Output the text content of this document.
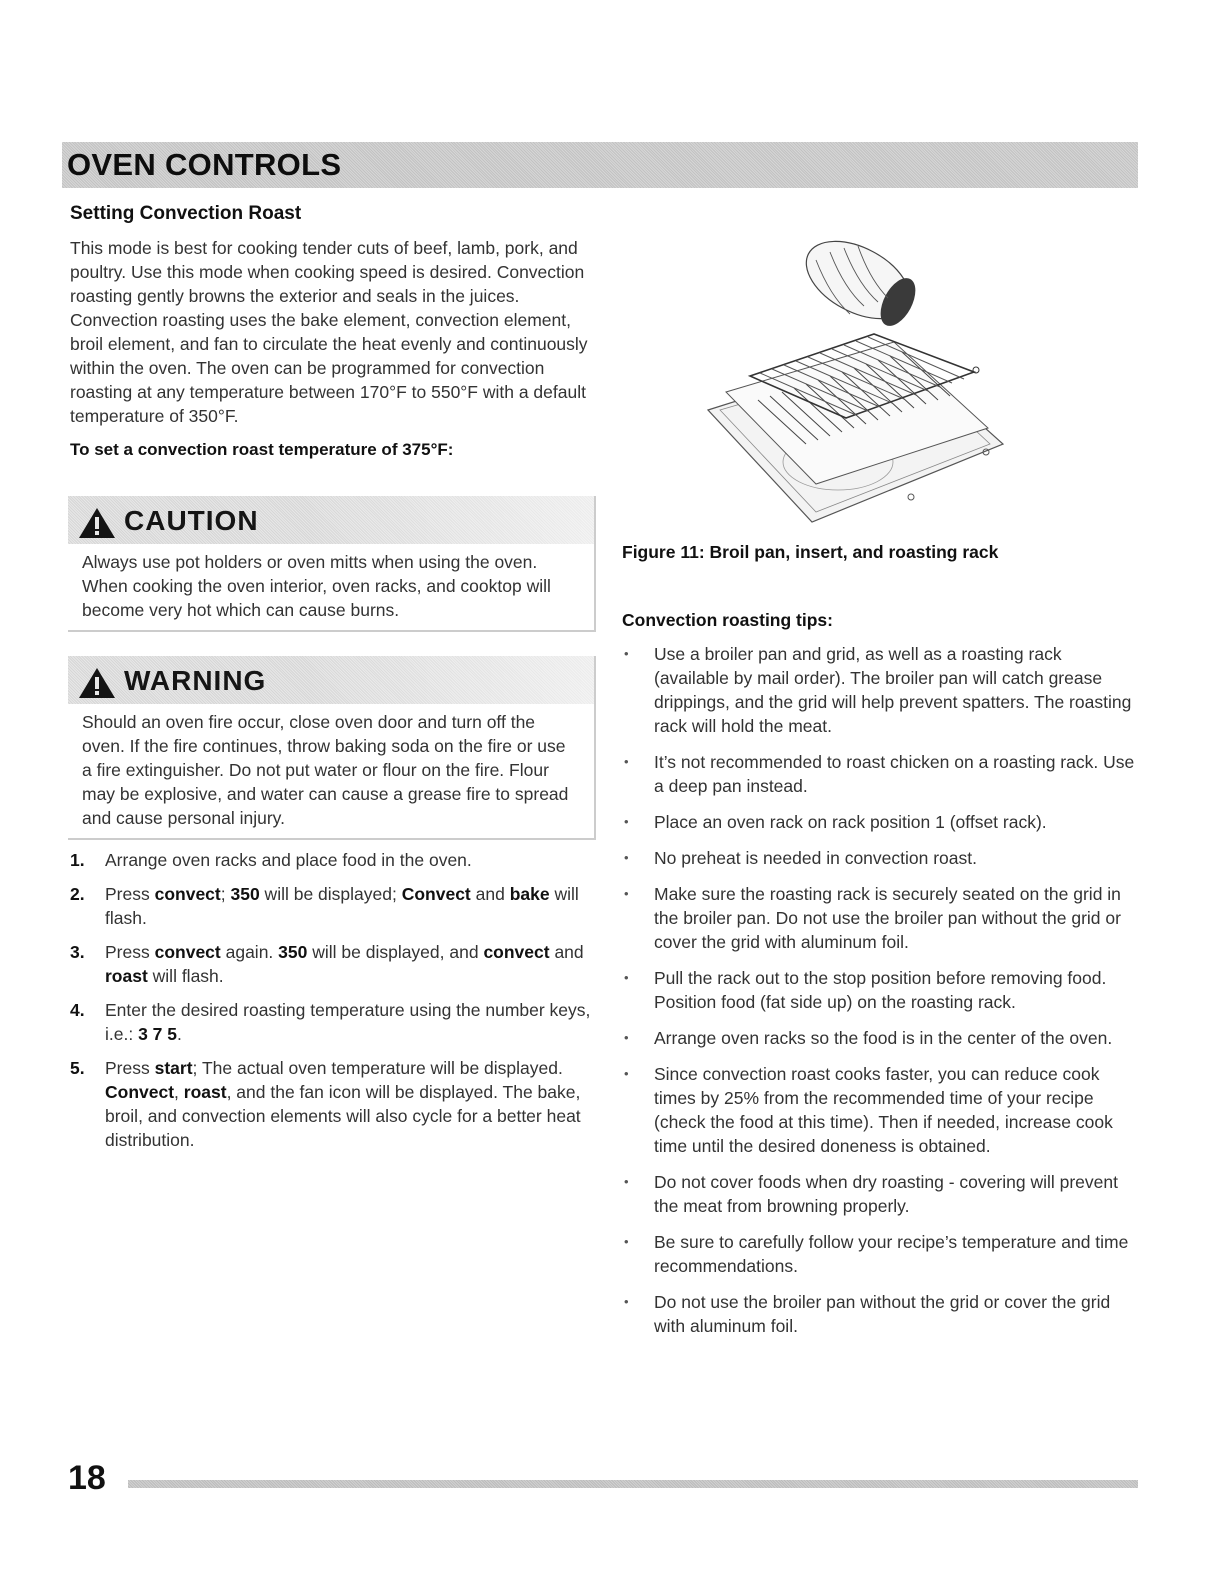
OVEN CONTROLS
Setting Convection Roast

This mode is best for cooking tender cuts of beef, lamb, pork, and poultry. Use this mode when cooking speed is desired. Convection roasting gently browns the exterior and seals in the juices. Convection roasting uses the bake element, convection element, broil element, and fan to circulate the heat evenly and continuously within the oven. The oven can be programmed for convection roasting at any temperature between 170°F to 550°F with a default temperature of 350°F.

To set a convection roast temperature of 375°F:

CAUTION
Always use pot holders or oven mitts when using the oven. When cooking the oven interior, oven racks, and cooktop will become very hot which can cause burns.
WARNING
Should an oven fire occur, close oven door and turn off the oven. If the fire continues, throw baking soda on the fire or use a fire extinguisher. Do not put water or flour on the fire. Flour may be explosive, and water can cause a grease fire to spread and cause personal injury.
1. Arrange oven racks and place food in the oven.
2. Press convect; 350 will be displayed; Convect and bake will flash.
3. Press convect again. 350 will be displayed, and convect and roast will flash.
4. Enter the desired roasting temperature using the number keys, i.e.: 3 7 5.
5. Press start; The actual oven temperature will be displayed. Convect, roast, and the fan icon will be displayed. The bake, broil, and convection elements will also cycle for a better heat distribution.
Figure 11: Broil pan, insert, and roasting rack
Convection roasting tips:
• Use a broiler pan and grid, as well as a roasting rack (available by mail order). The broiler pan will catch grease drippings, and the grid will help prevent spatters. The roasting rack will hold the meat.
• It’s not recommended to roast chicken on a roasting rack. Use a deep pan instead.
• Place an oven rack on rack position 1 (offset rack).
• No preheat is needed in convection roast.
• Make sure the roasting rack is securely seated on the grid in the broiler pan. Do not use the broiler pan without the grid or cover the grid with aluminum foil.
• Pull the rack out to the stop position before removing food. Position food (fat side up) on the roasting rack.
• Arrange oven racks so the food is in the center of the oven.
• Since convection roast cooks faster, you can reduce cook times by 25% from the recommended time of your recipe (check the food at this time). Then if needed, increase cook time until the desired doneness is obtained.
• Do not cover foods when dry roasting - covering will prevent the meat from browning properly.
• Be sure to carefully follow your recipe’s temperature and time recommendations.
• Do not use the broiler pan without the grid or cover the grid with aluminum foil.
18
